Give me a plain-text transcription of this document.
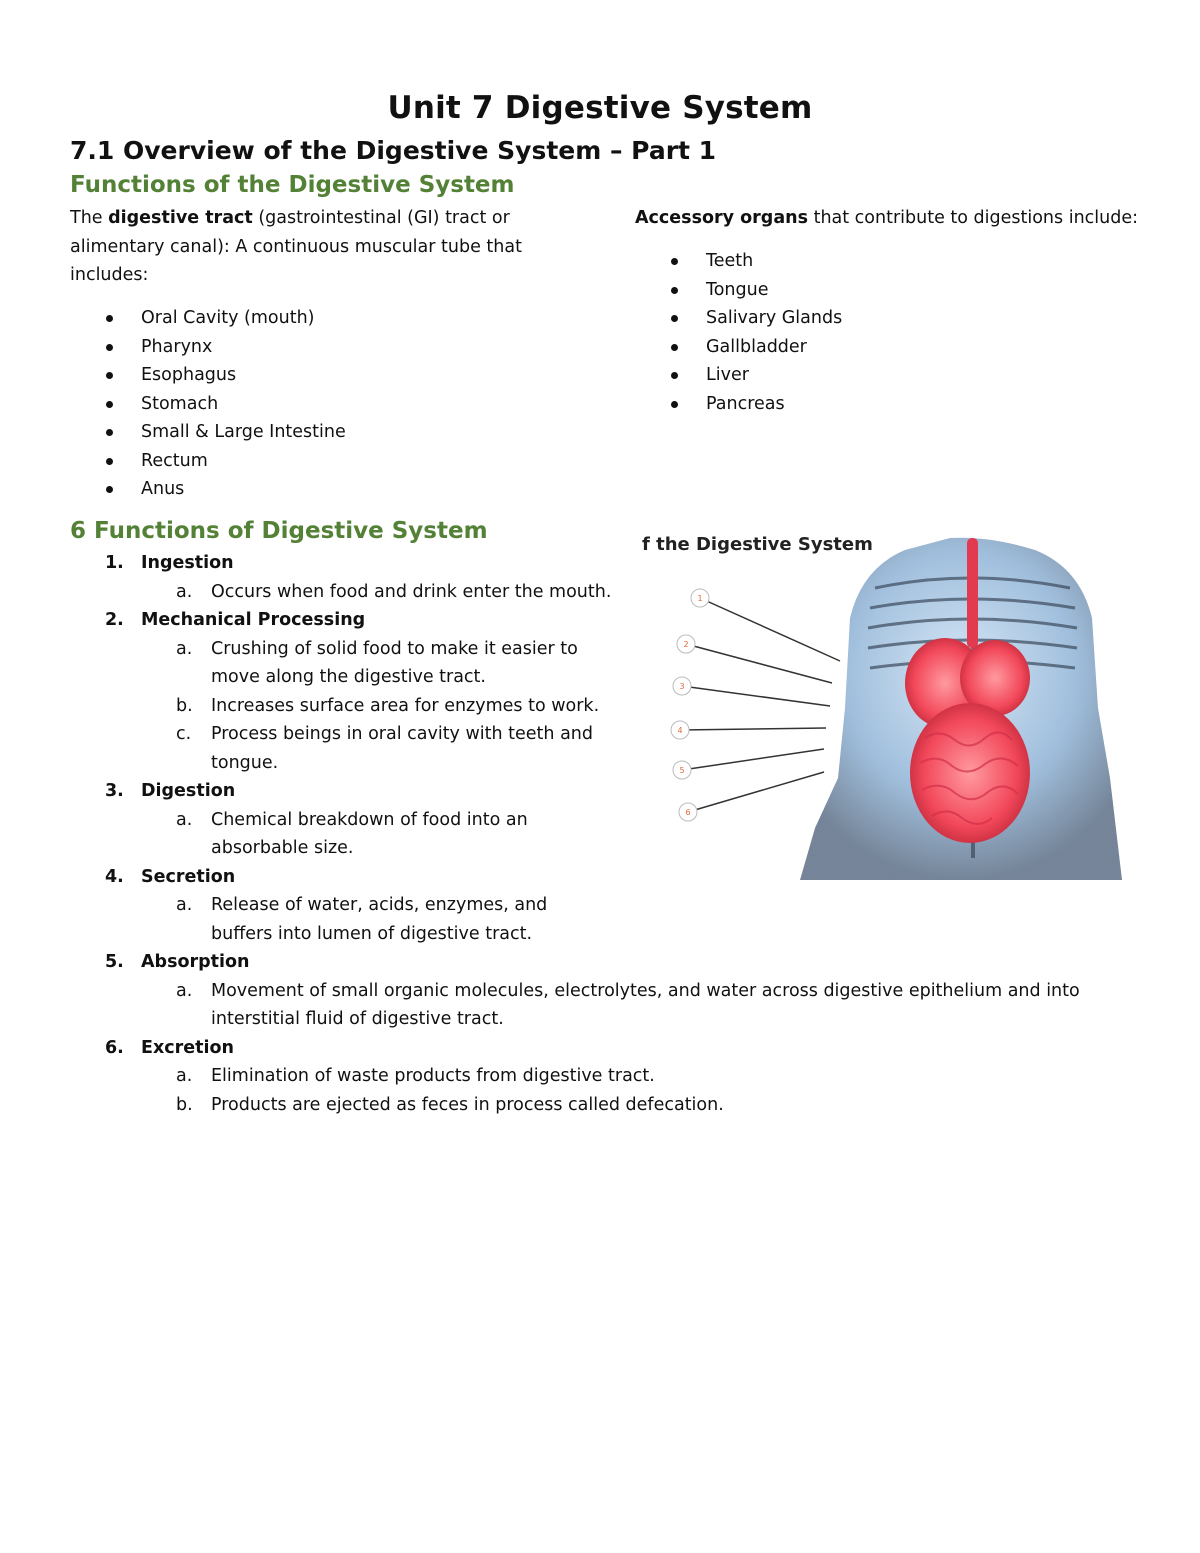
Unit 7 Digestive System
7.1 Overview of the Digestive System – Part 1
Functions of the Digestive System
The digestive tract (gastrointestinal (GI) tract or alimentary canal): A continuous muscular tube that includes:
Oral Cavity (mouth)
Pharynx
Esophagus
Stomach
Small & Large Intestine
Rectum
Anus
Accessory organs that contribute to digestions include:
Teeth
Tongue
Salivary Glands
Gallbladder
Liver
Pancreas
6 Functions of Digestive System
1. Ingestion
a. Occurs when food and drink enter the mouth.
2. Mechanical Processing
a. Crushing of solid food to make it easier to move along the digestive tract.
b. Increases surface area for enzymes to work.
c. Process beings in oral cavity with teeth and tongue.
3. Digestion
a. Chemical breakdown of food into an absorbable size.
4. Secretion
a. Release of water, acids, enzymes, and buffers into lumen of digestive tract.
5. Absorption
a. Movement of small organic molecules, electrolytes, and water across digestive epithelium and into interstitial fluid of digestive tract.
6. Excretion
a. Elimination of waste products from digestive tract.
b. Products are ejected as feces in process called defecation.
f the Digestive System
1
2
3
4
5
6
